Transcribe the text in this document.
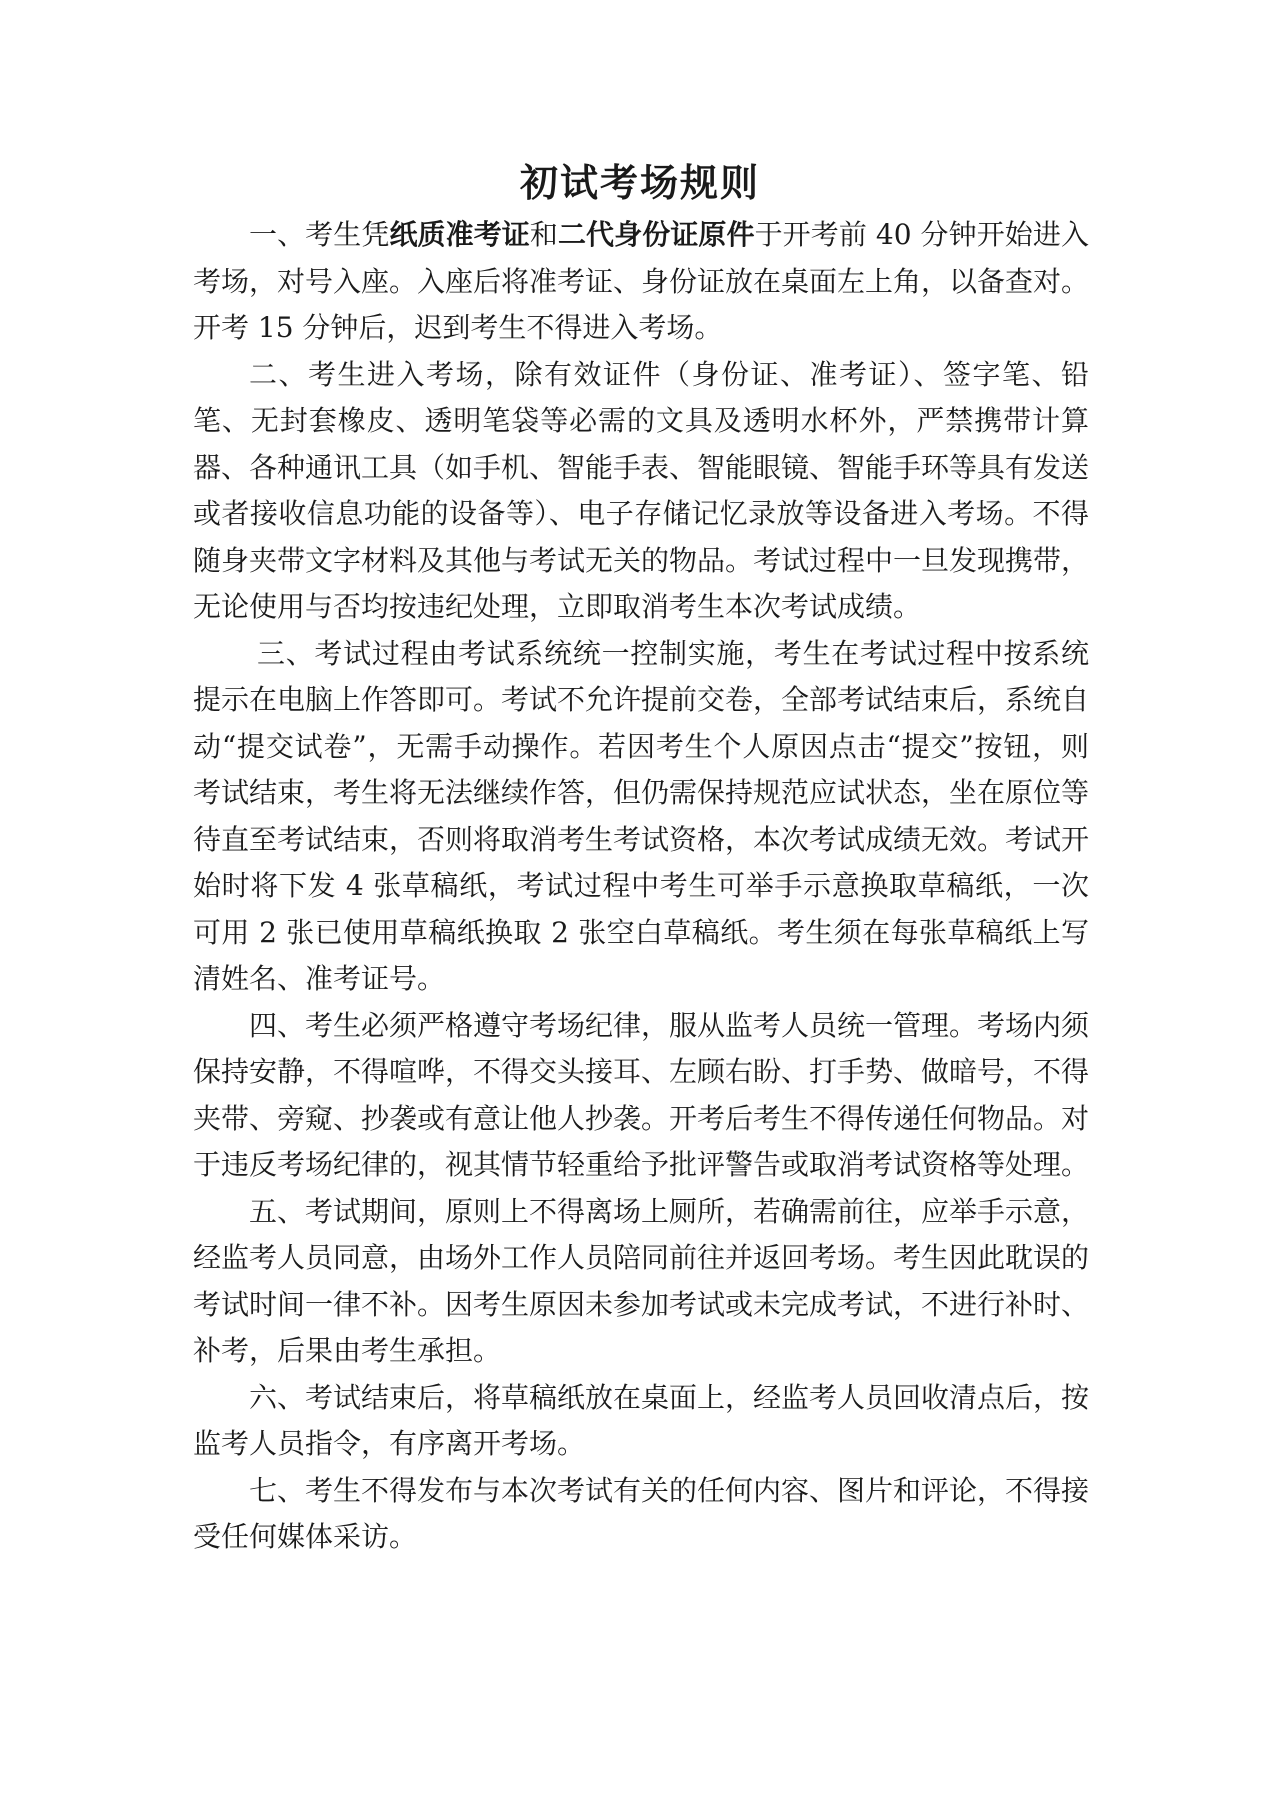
初试考场规则

一、考生凭纸质准考证和二代身份证原件于开考前 40 分钟开始进入考场，对号入座。入座后将准考证、身份证放在桌面左上角，以备查对。开考 15 分钟后，迟到考生不得进入考场。

二、考生进入考场，除有效证件（身份证、准考证）、签字笔、铅笔、无封套橡皮、透明笔袋等必需的文具及透明水杯外，严禁携带计算器、各种通讯工具（如手机、智能手表、智能眼镜、智能手环等具有发送或者接收信息功能的设备等）、电子存储记忆录放等设备进入考场。不得随身夹带文字材料及其他与考试无关的物品。考试过程中一旦发现携带，无论使用与否均按违纪处理，立即取消考生本次考试成绩。

三、考试过程由考试系统统一控制实施，考生在考试过程中按系统提示在电脑上作答即可。考试不允许提前交卷，全部考试结束后，系统自动“提交试卷”，无需手动操作。若因考生个人原因点击“提交”按钮，则考试结束，考生将无法继续作答，但仍需保持规范应试状态，坐在原位等待直至考试结束，否则将取消考生考试资格，本次考试成绩无效。考试开始时将下发 4 张草稿纸，考试过程中考生可举手示意换取草稿纸，一次可用 2 张已使用草稿纸换取 2 张空白草稿纸。考生须在每张草稿纸上写清姓名、准考证号。

四、考生必须严格遵守考场纪律，服从监考人员统一管理。考场内须保持安静，不得喧哗，不得交头接耳、左顾右盼、打手势、做暗号，不得夹带、旁窥、抄袭或有意让他人抄袭。开考后考生不得传递任何物品。对于违反考场纪律的，视其情节轻重给予批评警告或取消考试资格等处理。

五、考试期间，原则上不得离场上厕所，若确需前往，应举手示意，经监考人员同意，由场外工作人员陪同前往并返回考场。考生因此耽误的考试时间一律不补。因考生原因未参加考试或未完成考试，不进行补时、补考，后果由考生承担。

六、考试结束后，将草稿纸放在桌面上，经监考人员回收清点后，按监考人员指令，有序离开考场。

七、考生不得发布与本次考试有关的任何内容、图片和评论，不得接受任何媒体采访。
